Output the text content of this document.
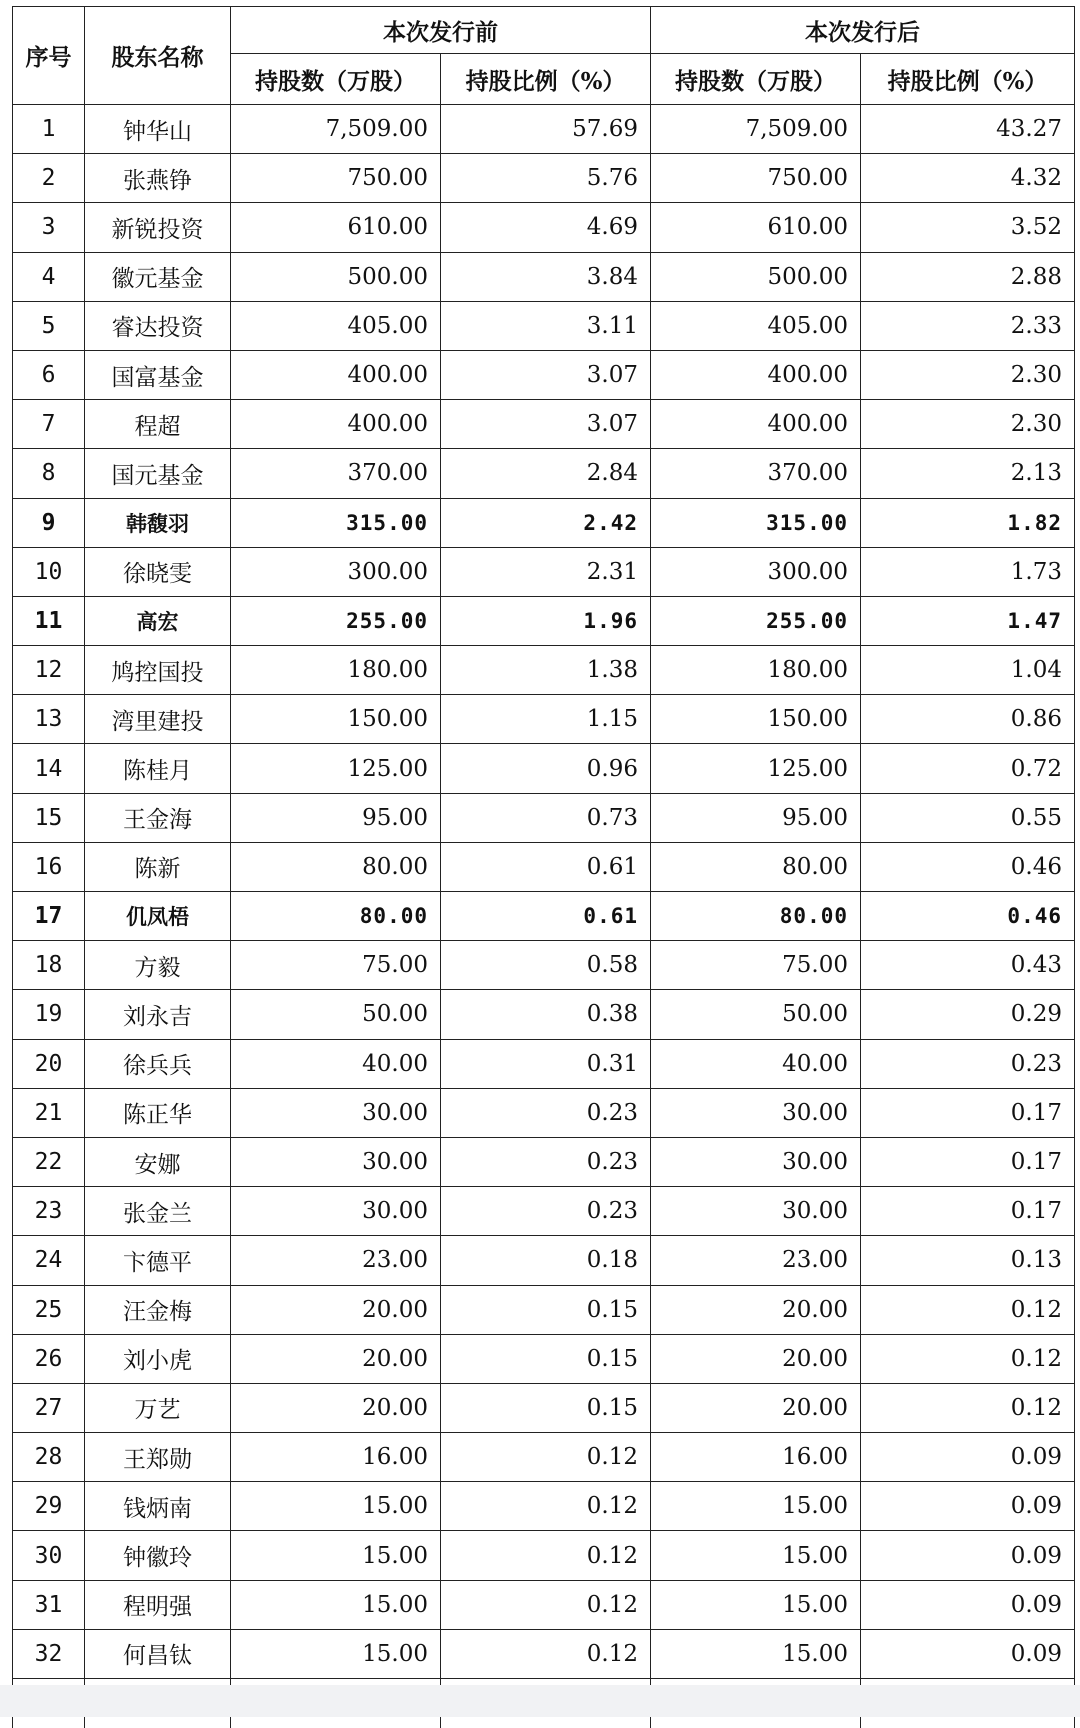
序号	股东名称	本次发行前		本次发行后	
		持股数（万股）	持股比例（%）	持股数（万股）	持股比例（%）
1	钟华山	7,509.00	57.69	7,509.00	43.27
2	张燕铮	750.00	5.76	750.00	4.32
3	新锐投资	610.00	4.69	610.00	3.52
4	徽元基金	500.00	3.84	500.00	2.88
5	睿达投资	405.00	3.11	405.00	2.33
6	国富基金	400.00	3.07	400.00	2.30
7	程超	400.00	3.07	400.00	2.30
8	国元基金	370.00	2.84	370.00	2.13
9	韩馥羽	315.00	2.42	315.00	1.82
10	徐晓雯	300.00	2.31	300.00	1.73
11	高宏	255.00	1.96	255.00	1.47
12	鸠控国投	180.00	1.38	180.00	1.04
13	湾里建投	150.00	1.15	150.00	0.86
14	陈桂月	125.00	0.96	125.00	0.72
15	王金海	95.00	0.73	95.00	0.55
16	陈新	80.00	0.61	80.00	0.46
17	仉凤梧	80.00	0.61	80.00	0.46
18	方毅	75.00	0.58	75.00	0.43
19	刘永吉	50.00	0.38	50.00	0.29
20	徐兵兵	40.00	0.31	40.00	0.23
21	陈正华	30.00	0.23	30.00	0.17
22	安娜	30.00	0.23	30.00	0.17
23	张金兰	30.00	0.23	30.00	0.17
24	卞德平	23.00	0.18	23.00	0.13
25	汪金梅	20.00	0.15	20.00	0.12
26	刘小虎	20.00	0.15	20.00	0.12
27	万艺	20.00	0.15	20.00	0.12
28	王郑勋	16.00	0.12	16.00	0.09
29	钱炳南	15.00	0.12	15.00	0.09
30	钟徽玲	15.00	0.12	15.00	0.09
31	程明强	15.00	0.12	15.00	0.09
32	何昌钛	15.00	0.12	15.00	0.09
